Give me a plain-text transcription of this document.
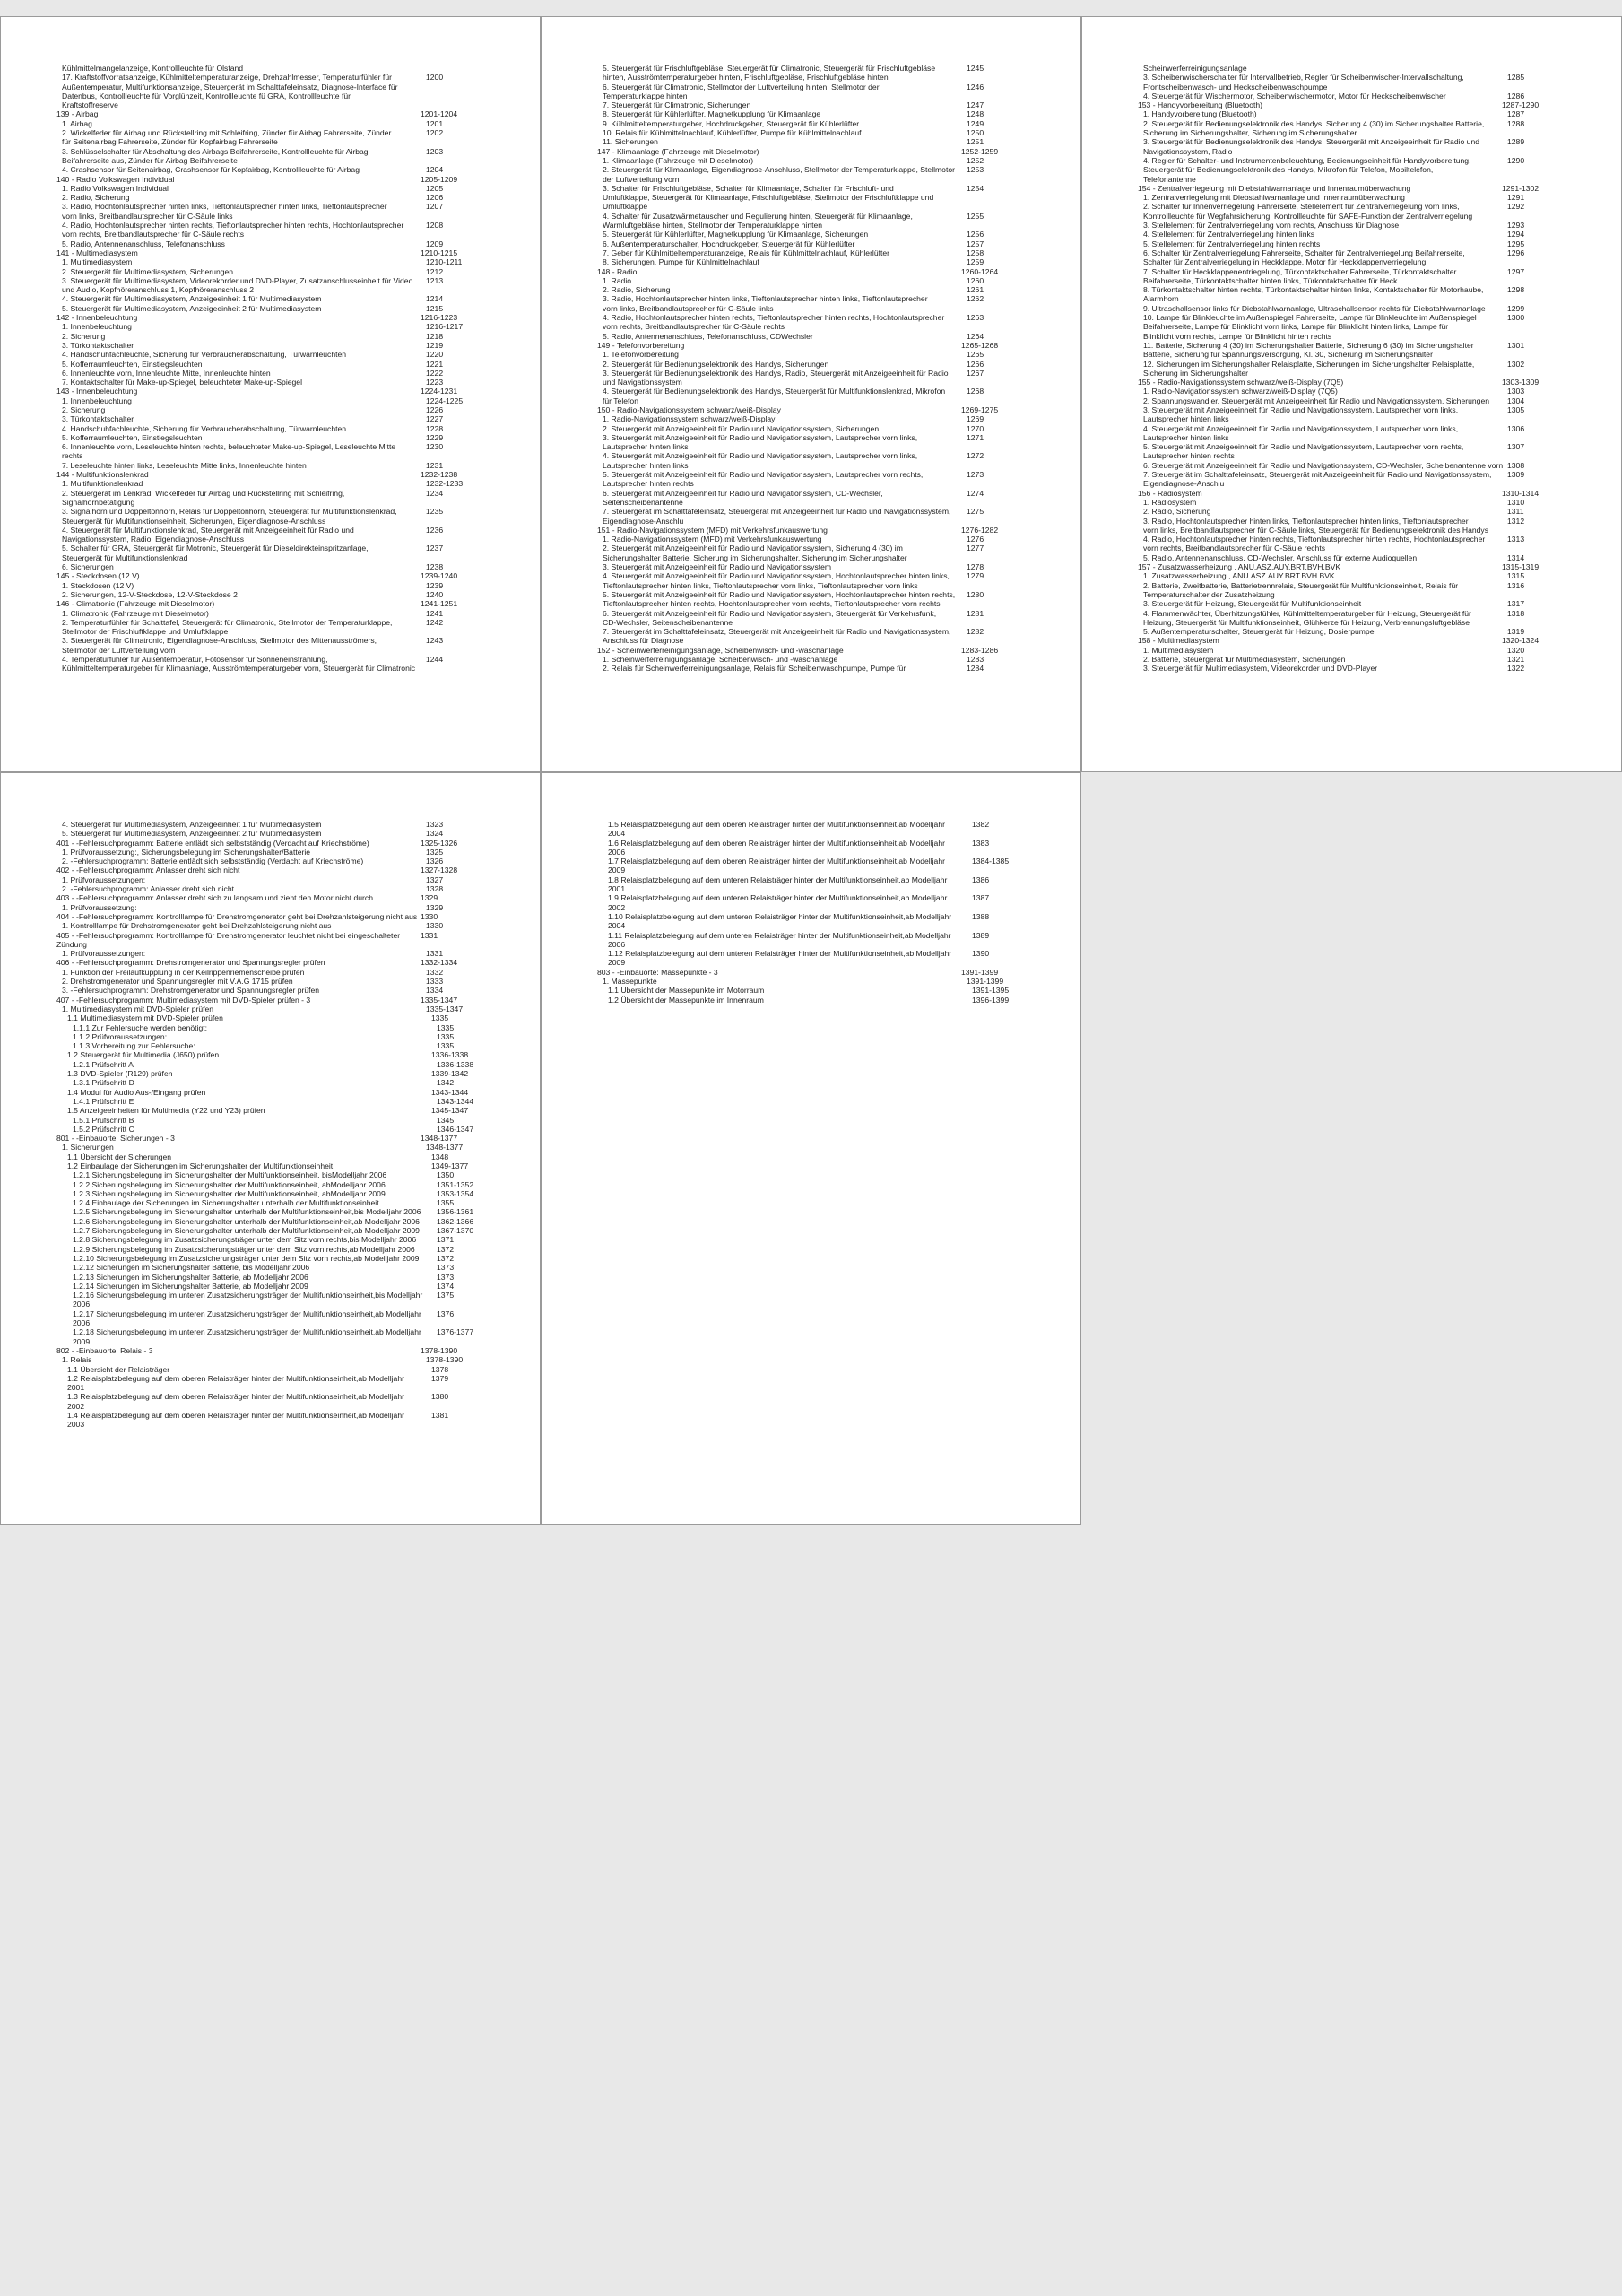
Kühlmittelmangelanzeige, Kontrollleuchte für Ölstand
17. Kraftstoffvorratsanzeige, Kühlmitteltemperaturanzeige, Drehzahlmesser, Temperaturfühler für	1200
Außentemperatur, Multifunktionsanzeige, Steuergerät im Schalttafeleinsatz, Diagnose-Interface für
Datenbus, Kontrollleuchte für Vorglühzeit, Kontrollleuchte fü GRA, Kontrollleuchte für
Kraftstoffreserve
139 - Airbag	1201-1204
1. Airbag	1201
2. Wickelfeder für Airbag und Rückstellring mit Schleifring, Zünder für Airbag Fahrerseite, Zünder	1202
für Seitenairbag Fahrerseite, Zünder für Kopfairbag Fahrerseite
3. Schlüsselschalter für Abschaltung des Airbags Beifahrerseite, Kontrollleuchte für Airbag	1203
Beifahrerseite aus, Zünder für Airbag Beifahrerseite
4. Crashsensor für Seitenairbag, Crashsensor für Kopfairbag, Kontrollleuchte für Airbag	1204
140 - Radio Volkswagen Individual	1205-1209
1. Radio Volkswagen Individual	1205
2. Radio, Sicherung	1206
3. Radio, Hochtonlautsprecher hinten links, Tieftonlautsprecher hinten links, Tieftonlautsprecher	1207
vorn links, Breitbandlautsprecher für C-Säule links
4. Radio, Hochtonlautsprecher hinten rechts, Tieftonlautsprecher hinten rechts, Hochtonlautsprecher	1208
vorn rechts, Breitbandlautsprecher für C-Säule rechts
5. Radio, Antennenanschluss, Telefonanschluss	1209
141 - Multimediasystem	1210-1215
1. Multimediasystem	1210-1211
2. Steuergerät für Multimediasystem, Sicherungen	1212
3. Steuergerät für Multimediasystem, Videorekorder und DVD-Player, Zusatzanschlusseinheit für Video	1213
und Audio, Kopfhöreranschluss 1, Kopfhöreranschluss 2
4. Steuergerät für Multimediasystem, Anzeigeeinheit 1 für Multimediasystem	1214
5. Steuergerät für Multimediasystem, Anzeigeeinheit 2 für Multimediasystem	1215
142 - Innenbeleuchtung	1216-1223
1. Innenbeleuchtung	1216-1217
2. Sicherung	1218
3. Türkontaktschalter	1219
4. Handschuhfachleuchte, Sicherung für Verbraucherabschaltung, Türwarnleuchten	1220
5. Kofferraumleuchten, Einstiegsleuchten	1221
6. Innenleuchte vorn, Innenleuchte Mitte, Innenleuchte hinten	1222
7. Kontaktschalter für Make-up-Spiegel, beleuchteter Make-up-Spiegel	1223
143 - Innenbeleuchtung	1224-1231
1. Innenbeleuchtung	1224-1225
2. Sicherung	1226
3. Türkontaktschalter	1227
4. Handschuhfachleuchte, Sicherung für Verbraucherabschaltung, Türwarnleuchten	1228
5. Kofferraumleuchten, Einstiegsleuchten	1229
6. Innenleuchte vorn, Leseleuchte hinten rechts, beleuchteter Make-up-Spiegel, Leseleuchte Mitte	1230
rechts
7. Leseleuchte hinten links, Leseleuchte Mitte links, Innenleuchte hinten	1231
144 - Multifunktionslenkrad	1232-1238
1. Multifunktionslenkrad	1232-1233
2. Steuergerät im Lenkrad, Wickelfeder für Airbag und Rückstellring mit Schleifring,	1234
Signalhornbetätigung
3. Signalhorn und Doppeltonhorn, Relais für Doppeltonhorn, Steuergerät für Multifunktionslenkrad,	1235
Steuergerät für Multifunktionseinheit, Sicherungen, Eigendiagnose-Anschluss
4. Steuergerät für Multifunktionslenkrad, Steuergerät mit Anzeigeeinheit für Radio und	1236
Navigationssystem, Radio, Eigendiagnose-Anschluss
5. Schalter für GRA, Steuergerät für Motronic, Steuergerät für Dieseldirekteinspritzanlage,	1237
Steuergerät für Multifunktionslenkrad
6. Sicherungen	1238
145 - Steckdosen (12 V)	1239-1240
1. Steckdosen (12 V)	1239
2. Sicherungen, 12-V-Steckdose, 12-V-Steckdose 2	1240
146 - Climatronic (Fahrzeuge mit Dieselmotor)	1241-1251
1. Climatronic (Fahrzeuge mit Dieselmotor)	1241
2. Temperaturfühler für Schalttafel, Steuergerät für Climatronic, Stellmotor der Temperaturklappe,	1242
Stellmotor der Frischluftklappe und Umluftklappe
3. Steuergerät für Climatronic, Eigendiagnose-Anschluss, Stellmotor des Mittenausströmers,	1243
Stellmotor der Luftverteilung vorn
4. Temperaturfühler für Außentemperatur, Fotosensor für Sonneneinstrahlung,	1244
Kühlmitteltemperaturgeber für Klimaanlage, Ausströmtemperaturgeber vorn, Steuergerät für Climatronic
5. Steuergerät für Frischluftgebläse, Steuergerät für Climatronic, Steuergerät für Frischluftgebläse	1245
hinten, Ausströmtemperaturgeber hinten, Frischluftgebläse, Frischluftgebläse hinten
6. Steuergerät für Climatronic, Stellmotor der Luftverteilung hinten, Stellmotor der	1246
Temperaturklappe hinten
7. Steuergerät für Climatronic, Sicherungen	1247
8. Steuergerät für Kühlerlüfter, Magnetkupplung für Klimaanlage	1248
9. Kühlmitteltemperaturgeber, Hochdruckgeber, Steuergerät für Kühlerlüfter	1249
10. Relais für Kühlmittelnachlauf, Kühlerlüfter, Pumpe für Kühlmittelnachlauf	1250
11. Sicherungen	1251
147 - Klimaanlage (Fahrzeuge mit Dieselmotor)	1252-1259
1. Klimaanlage (Fahrzeuge mit Dieselmotor)	1252
2. Steuergerät für Klimaanlage, Eigendiagnose-Anschluss, Stellmotor der Temperaturklappe, Stellmotor	1253
der Luftverteilung vorn
3. Schalter für Frischluftgebläse, Schalter für Klimaanlage, Schalter für Frischluft- und	1254
Umluftklappe, Steuergerät für Klimaanlage, Frischluftgebläse, Stellmotor der Frischluftklappe und
Umluftklappe
4. Schalter für Zusatzwärmetauscher und Regulierung hinten, Steuergerät für Klimaanlage,	1255
Warmluftgebläse hinten, Stellmotor der Temperaturklappe hinten
5. Steuergerät für Kühlerlüfter, Magnetkupplung für Klimaanlage, Sicherungen	1256
6. Außentemperaturschalter, Hochdruckgeber, Steuergerät für Kühlerlüfter	1257
7. Geber für Kühlmitteltemperaturanzeige, Relais für Kühlmittelnachlauf, Kühlerlüfter	1258
8. Sicherungen, Pumpe für Kühlmittelnachlauf	1259
148 - Radio	1260-1264
1. Radio	1260
2. Radio, Sicherung	1261
3. Radio, Hochtonlautsprecher hinten links, Tieftonlautsprecher hinten links, Tieftonlautsprecher	1262
vorn links, Breitbandlautsprecher für C-Säule links
4. Radio, Hochtonlautsprecher hinten rechts, Tieftonlautsprecher hinten rechts, Hochtonlautsprecher	1263
vorn rechts, Breitbandlautsprecher für C-Säule rechts
5. Radio, Antennenanschluss, Telefonanschluss, CDWechsler	1264
149 - Telefonvorbereitung	1265-1268
1. Telefonvorbereitung	1265
2. Steuergerät für Bedienungselektronik des Handys, Sicherungen	1266
3. Steuergerät für Bedienungselektronik des Handys, Radio, Steuergerät mit Anzeigeeinheit für Radio	1267
und Navigationssystem
4. Steuergerät für Bedienungselektronik des Handys, Steuergerät für Multifunktionslenkrad, Mikrofon	1268
für Telefon
150 - Radio-Navigationssystem schwarz/weiß-Display	1269-1275
1. Radio-Navigationssystem schwarz/weiß-Display	1269
2. Steuergerät mit Anzeigeeinheit für Radio und Navigationssystem, Sicherungen	1270
3. Steuergerät mit Anzeigeeinheit für Radio und Navigationssystem, Lautsprecher vorn links,	1271
Lautsprecher hinten links
4. Steuergerät mit Anzeigeeinheit für Radio und Navigationssystem, Lautsprecher vorn links,	1272
Lautsprecher hinten links
5. Steuergerät mit Anzeigeeinheit für Radio und Navigationssystem, Lautsprecher vorn rechts,	1273
Lautsprecher hinten rechts
6. Steuergerät mit Anzeigeeinheit für Radio und Navigationssystem, CD-Wechsler,	1274
Seitenscheibenantenne
7. Steuergerät im Schalttafeleinsatz, Steuergerät mit Anzeigeeinheit für Radio und Navigationssystem,	1275
Eigendiagnose-Anschlu
151 - Radio-Navigationssystem (MFD) mit Verkehrsfunkauswertung	1276-1282
1. Radio-Navigationssystem (MFD) mit Verkehrsfunkauswertung	1276
2. Steuergerät mit Anzeigeeinheit für Radio und Navigationssystem, Sicherung 4 (30) im	1277
Sicherungshalter Batterie, Sicherung im Sicherungshalter, Sicherung im Sicherungshalter
3. Steuergerät mit Anzeigeeinheit für Radio und Navigationssystem	1278
4. Steuergerät mit Anzeigeeinheit für Radio und Navigationssystem, Hochtonlautsprecher hinten links,	1279
Tieftonlautsprecher hinten links, Tieftonlautsprecher vorn links, Tieftonlautsprecher vorn links
5. Steuergerät mit Anzeigeeinheit für Radio und Navigationssystem, Hochtonlautsprecher hinten rechts,	1280
Tieftonlautsprecher hinten rechts, Hochtonlautsprecher vorn rechts, Tieftonlautsprecher vorn rechts
6. Steuergerät mit Anzeigeeinheit für Radio und Navigationssystem, Steuergerät für Verkehrsfunk,	1281
CD-Wechsler, Seitenscheibenantenne
7. Steuergerät im Schalttafeleinsatz, Steuergerät mit Anzeigeeinheit für Radio und Navigationssystem,	1282
Anschluss für Diagnose
152 - Scheinwerferreinigungsanlage, Scheibenwisch- und -waschanlage	1283-1286
1. Scheinwerferreinigungsanlage, Scheibenwisch- und -waschanlage	1283
2. Relais für Scheinwerferreinigungsanlage, Relais für Scheibenwaschpumpe, Pumpe für	1284
Scheinwerferreinigungsanlage
3. Scheibenwischerschalter für Intervallbetrieb, Regler für Scheibenwischer-Intervallschaltung,	1285
Frontscheibenwasch- und Heckscheibenwaschpumpe
4. Steuergerät für Wischermotor, Scheibenwischermotor, Motor für Heckscheibenwischer	1286
153 - Handyvorbereitung (Bluetooth)	1287-1290
1. Handyvorbereitung (Bluetooth)	1287
2. Steuergerät für Bedienungselektronik des Handys, Sicherung 4 (30) im Sicherungshalter Batterie,	1288
Sicherung im Sicherungshalter, Sicherung im Sicherungshalter
3. Steuergerät für Bedienungselektronik des Handys, Steuergerät mit Anzeigeeinheit für Radio und	1289
Navigationssystem, Radio
4. Regler für Schalter- und Instrumentenbeleuchtung, Bedienungseinheit für Handyvorbereitung,	1290
Steuergerät für Bedienungselektronik des Handys, Mikrofon für Telefon, Mobiltelefon,
Telefonantenne
154 - Zentralverriegelung mit Diebstahlwarnanlage und Innenraumüberwachung	1291-1302
1. Zentralverriegelung mit Diebstahlwarnanlage und Innenraumüberwachung	1291
2. Schalter für Innenverriegelung Fahrerseite, Stellelement für Zentralverriegelung vorn links,	1292
Kontrollleuchte für Wegfahrsicherung, Kontrollleuchte für SAFE-Funktion der Zentralverriegelung
3. Stellelement für Zentralverriegelung vorn rechts, Anschluss für Diagnose	1293
4. Stellelement für Zentralverriegelung hinten links	1294
5. Stellelement für Zentralverriegelung hinten rechts	1295
6. Schalter für Zentralverriegelung Fahrerseite, Schalter für Zentralverriegelung Beifahrerseite,	1296
Schalter für Zentralverriegelung in Heckklappe, Motor für Heckklappenverriegelung
7. Schalter für Heckklappenentriegelung, Türkontaktschalter Fahrerseite, Türkontaktschalter	1297
Beifahrerseite, Türkontaktschalter hinten links, Türkontaktschalter für Heck
8. Türkontaktschalter hinten rechts, Türkontaktschalter hinten links, Kontaktschalter für Motorhaube,	1298
Alarmhorn
9. Ultraschallsensor links für Diebstahlwarnanlage, Ultraschallsensor rechts für Diebstahlwarnanlage	1299
10. Lampe für Blinkleuchte im Außenspiegel Fahrerseite, Lampe für Blinkleuchte im Außenspiegel	1300
Beifahrerseite, Lampe für Blinklicht vorn links, Lampe für Blinklicht hinten links, Lampe für
Blinklicht vorn rechts, Lampe für Blinklicht hinten rechts
11. Batterie, Sicherung 4 (30) im Sicherungshalter Batterie, Sicherung 6 (30) im Sicherungshalter	1301
Batterie, Sicherung für Spannungsversorgung, Kl. 30, Sicherung im Sicherungshalter
12. Sicherungen im Sicherungshalter Relaisplatte, Sicherungen im Sicherungshalter Relaisplatte,	1302
Sicherung im Sicherungshalter
155 - Radio-Navigationssystem schwarz/weiß-Display (7Q5)	1303-1309
1. Radio-Navigationssystem schwarz/weiß-Display (7Q5)	1303
2. Spannungswandler, Steuergerät mit Anzeigeeinheit für Radio und Navigationssystem, Sicherungen	1304
3. Steuergerät mit Anzeigeeinheit für Radio und Navigationssystem, Lautsprecher vorn links,	1305
Lautsprecher hinten links
4. Steuergerät mit Anzeigeeinheit für Radio und Navigationssystem, Lautsprecher vorn links,	1306
Lautsprecher hinten links
5. Steuergerät mit Anzeigeeinheit für Radio und Navigationssystem, Lautsprecher vorn rechts,	1307
Lautsprecher hinten rechts
6. Steuergerät mit Anzeigeeinheit für Radio und Navigationssystem, CD-Wechsler, Scheibenantenne vorn 1308
7. Steuergerät im Schalttafeleinsatz, Steuergerät mit Anzeigeeinheit für Radio und Navigationssystem,	1309
Eigendiagnose-Anschlu
156 - Radiosystem	1310-1314
1. Radiosystem	1310
2. Radio, Sicherung	1311
3. Radio, Hochtonlautsprecher hinten links, Tieftonlautsprecher hinten links, Tieftonlautsprecher	1312
vorn links, Breitbandlautsprecher für C-Säule links, Steuergerät für Bedienungselektronik des Handys
4. Radio, Hochtonlautsprecher hinten rechts, Tieftonlautsprecher hinten rechts, Hochtonlautsprecher	1313
vorn rechts, Breitbandlautsprecher für C-Säule rechts
5. Radio, Antennenanschluss, CD-Wechsler, Anschluss für externe Audioquellen	1314
157 - Zusatzwasserheizung , ANU.ASZ.AUY.BRT.BVH.BVK	1315-1319
1. Zusatzwasserheizung , ANU.ASZ.AUY.BRT.BVH.BVK	1315
2. Batterie, Zweitbatterie, Batterietrennrelais, Steuergerät für Multifunktionseinheit, Relais für	1316
Temperaturschalter der Zusatzheizung
3. Steuergerät für Heizung, Steuergerät für Multifunktionseinheit	1317
4. Flammenwächter, Überhitzungsfühler, Kühlmitteltemperaturgeber für Heizung, Steuergerät für	1318
Heizung, Steuergerät für Multifunktionseinheit, Glühkerze für Heizung, Verbrennungsluftgebläse
5. Außentemperaturschalter, Steuergerät für Heizung, Dosierpumpe	1319
158 - Multimediasystem	1320-1324
1. Multimediasystem	1320
2. Batterie, Steuergerät für Multimediasystem, Sicherungen	1321
3. Steuergerät für Multimediasystem, Videorekorder und DVD-Player	1322
4. Steuergerät für Multimediasystem, Anzeigeeinheit 1 für Multimediasystem	1323
5. Steuergerät für Multimediasystem, Anzeigeeinheit 2 für Multimediasystem	1324
401 - -Fehlersuchprogramm: Batterie entlädt sich selbstständig (Verdacht auf Kriechströme)	1325-1326
1. Prüfvoraussetzung:, Sicherungsbelegung im Sicherungshalter/Batterie	1325
2. -Fehlersuchprogramm: Batterie entlädt sich selbstständig (Verdacht auf Kriechströme)	1326
402 - -Fehlersuchprogramm: Anlasser dreht sich nicht	1327-1328
1. Prüfvoraussetzungen:	1327
2. -Fehlersuchprogramm: Anlasser dreht sich nicht	1328
403 - -Fehlersuchprogramm: Anlasser dreht sich zu langsam und zieht den Motor nicht durch	1329
1. Prüfvoraussetzung:	1329
404 - -Fehlersuchprogramm: Kontrolllampe für Drehstromgenerator geht bei Drehzahlsteigerung nicht aus 1330
1. Kontrolllampe für Drehstromgenerator geht bei Drehzahlsteigerung nicht aus	1330
405 - -Fehlersuchprogramm: Kontrolllampe für Drehstromgenerator leuchtet nicht bei eingeschalteter	1331
Zündung
1. Prüfvoraussetzungen:	1331
406 - -Fehlersuchprogramm: Drehstromgenerator und Spannungsregler prüfen	1332-1334
1. Funktion der Freilaufkupplung in der Keilrippenriemenscheibe prüfen	1332
2. Drehstromgenerator und Spannungsregler mit V.A.G 1715 prüfen	1333
3. -Fehlersuchprogramm: Drehstromgenerator und Spannungsregler prüfen	1334
407 - -Fehlersuchprogramm: Multimediasystem mit DVD-Spieler prüfen - 3	1335-1347
1. Multimediasystem mit DVD-Spieler prüfen	1335-1347
1.1 Multimediasystem mit DVD-Spieler prüfen	1335
1.1.1 Zur Fehlersuche werden benötigt:	1335
1.1.2 Prüfvoraussetzungen:	1335
1.1.3 Vorbereitung zur Fehlersuche:	1335
1.2 Steuergerät für Multimedia (J650) prüfen	1336-1338
1.2.1 Prüfschritt A	1336-1338
1.3 DVD-Spieler (R129) prüfen	1339-1342
1.3.1 Prüfschritt D	1342
1.4 Modul für Audio Aus-/Eingang prüfen	1343-1344
1.4.1 Prüfschritt E	1343-1344
1.5 Anzeigeeinheiten für Multimedia (Y22 und Y23) prüfen	1345-1347
1.5.1 Prüfschritt B	1345
1.5.2 Prüfschritt C	1346-1347
801 - -Einbauorte: Sicherungen - 3	1348-1377
1. Sicherungen	1348-1377
1.1 Übersicht der Sicherungen	1348
1.2 Einbaulage der Sicherungen im Sicherungshalter der Multifunktionseinheit	1349-1377
1.2.1 Sicherungsbelegung im Sicherungshalter der Multifunktionseinheit, bisModelljahr 2006	1350
1.2.2 Sicherungsbelegung im Sicherungshalter der Multifunktionseinheit, abModelljahr 2006	1351-1352
1.2.3 Sicherungsbelegung im Sicherungshalter der Multifunktionseinheit, abModelljahr 2009	1353-1354
1.2.4 Einbaulage der Sicherungen im Sicherungshalter unterhalb der Multifunktionseinheit	1355
1.2.5 Sicherungsbelegung im Sicherungshalter unterhalb der Multifunktionseinheit,bis Modelljahr 2006	1356-1361
1.2.6 Sicherungsbelegung im Sicherungshalter unterhalb der Multifunktionseinheit,ab Modelljahr 2006	1362-1366
1.2.7 Sicherungsbelegung im Sicherungshalter unterhalb der Multifunktionseinheit,ab Modelljahr 2009	1367-1370
1.2.8 Sicherungsbelegung im Zusatzsicherungsträger unter dem Sitz vorn rechts,bis Modelljahr 2006	1371
1.2.9 Sicherungsbelegung im Zusatzsicherungsträger unter dem Sitz vorn rechts,ab Modelljahr 2006	1372
1.2.10 Sicherungsbelegung im Zusatzsicherungsträger unter dem Sitz vorn rechts,ab Modelljahr 2009	1372
1.2.12 Sicherungen im Sicherungshalter Batterie, bis Modelljahr 2006	1373
1.2.13 Sicherungen im Sicherungshalter Batterie, ab Modelljahr 2006	1373
1.2.14 Sicherungen im Sicherungshalter Batterie, ab Modelljahr 2009	1374
1.2.16 Sicherungsbelegung im unteren Zusatzsicherungsträger der Multifunktionseinheit,bis Modelljahr	1375
2006
1.2.17 Sicherungsbelegung im unteren Zusatzsicherungsträger der Multifunktionseinheit,ab Modelljahr	1376
2006
1.2.18 Sicherungsbelegung im unteren Zusatzsicherungsträger der Multifunktionseinheit,ab Modelljahr	1376-1377
2009
802 - -Einbauorte: Relais - 3	1378-1390
1. Relais	1378-1390
1.1 Übersicht der Relaisträger	1378
1.2 Relaisplatzbelegung auf dem oberen Relaisträger hinter der Multifunktionseinheit,ab Modelljahr	1379
2001
1.3 Relaisplatzbelegung auf dem oberen Relaisträger hinter der Multifunktionseinheit,ab Modelljahr	1380
2002
1.4 Relaisplatzbelegung auf dem oberen Relaisträger hinter der Multifunktionseinheit,ab Modelljahr	1381
2003
1.5 Relaisplatzbelegung auf dem oberen Relaisträger hinter der Multifunktionseinheit,ab Modelljahr	1382
2004
1.6 Relaisplatzbelegung auf dem oberen Relaisträger hinter der Multifunktionseinheit,ab Modelljahr	1383
2006
1.7 Relaisplatzbelegung auf dem oberen Relaisträger hinter der Multifunktionseinheit,ab Modelljahr	1384-1385
2009
1.8 Relaisplatzbelegung auf dem unteren Relaisträger hinter der Multifunktionseinheit,ab Modelljahr	1386
2001
1.9 Relaisplatzbelegung auf dem unteren Relaisträger hinter der Multifunktionseinheit,ab Modelljahr	1387
2002
1.10 Relaisplatzbelegung auf dem unteren Relaisträger hinter der Multifunktionseinheit,ab Modelljahr	1388
2004
1.11 Relaisplatzbelegung auf dem unteren Relaisträger hinter der Multifunktionseinheit,ab Modelljahr	1389
2006
1.12 Relaisplatzbelegung auf dem unteren Relaisträger hinter der Multifunktionseinheit,ab Modelljahr	1390
2009
803 - -Einbauorte: Massepunkte - 3	1391-1399
1. Massepunkte	1391-1399
1.1 Übersicht der Massepunkte im Motorraum	1391-1395
1.2 Übersicht der Massepunkte im Innenraum	1396-1399
